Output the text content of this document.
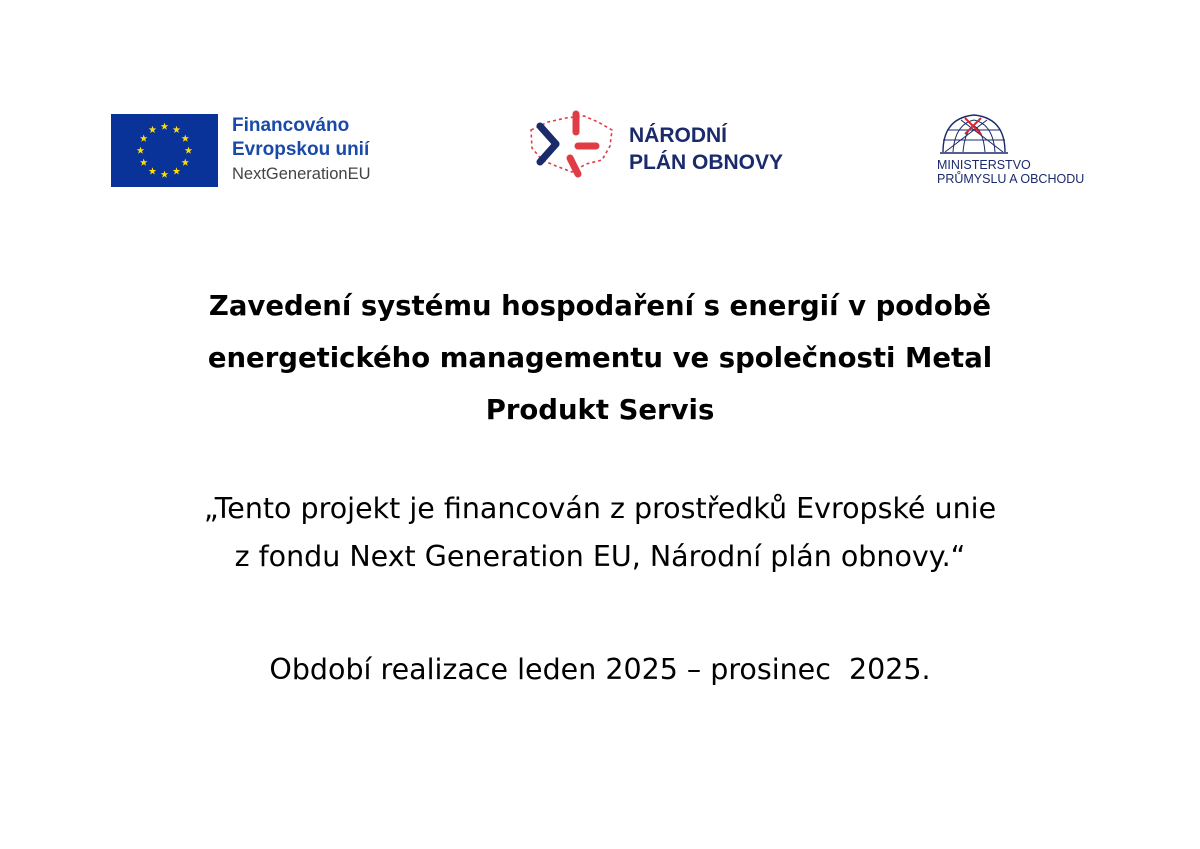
Financováno
Evropskou unií
NextGenerationEU
NÁRODNÍ
PLÁN OBNOVY	MINISTERSTVO
PRŮMYSLU A OBCHODU
Zavedení systému hospodaření s energií v podobě
energetického managementu ve společnosti Metal
Produkt Servis
„Tento projekt je financován z prostředků Evropské unie
z fondu Next Generation EU, Národní plán obnovy.“
Období realizace leden 2025 – prosinec  2025.
